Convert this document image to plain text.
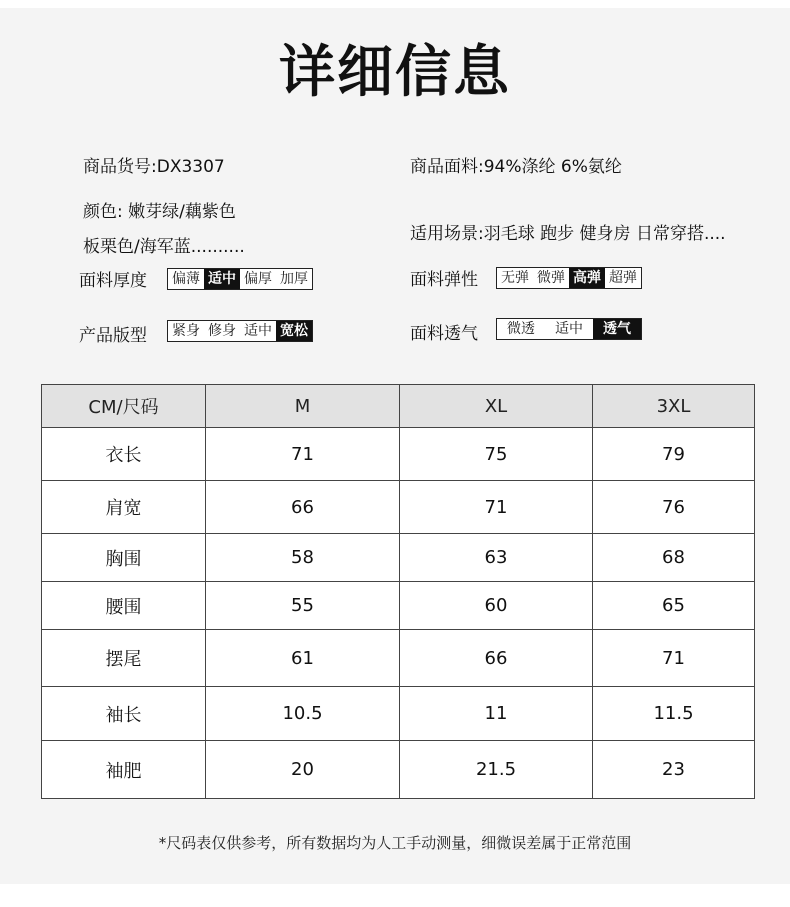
详细信息
商品货号:DX3307	商品面料:94%涤纶 6%氨纶
颜色: 嫩芽绿/藕紫色
板栗色/海军蓝..........
适用场景:羽毛球 跑步 健身房 日常穿搭....
面料厚度 偏薄 适中 偏厚 加厚	面料弹性 无弹 微弹 高弹 超弹
产品版型 紧身 修身 适中 宽松	面料透气	微透	适中	透气
CM/尺码	M	XL	3XL
衣长	71	75	79
肩宽	66	71	76
胸围	58	63	68
腰围	55	60	65
摆尾	61	66	71
袖长	10.5	11	11.5
袖肥	20	21.5	23
*尺码表仅供参考，所有数据均为人工手动测量，细微误差属于正常范围
